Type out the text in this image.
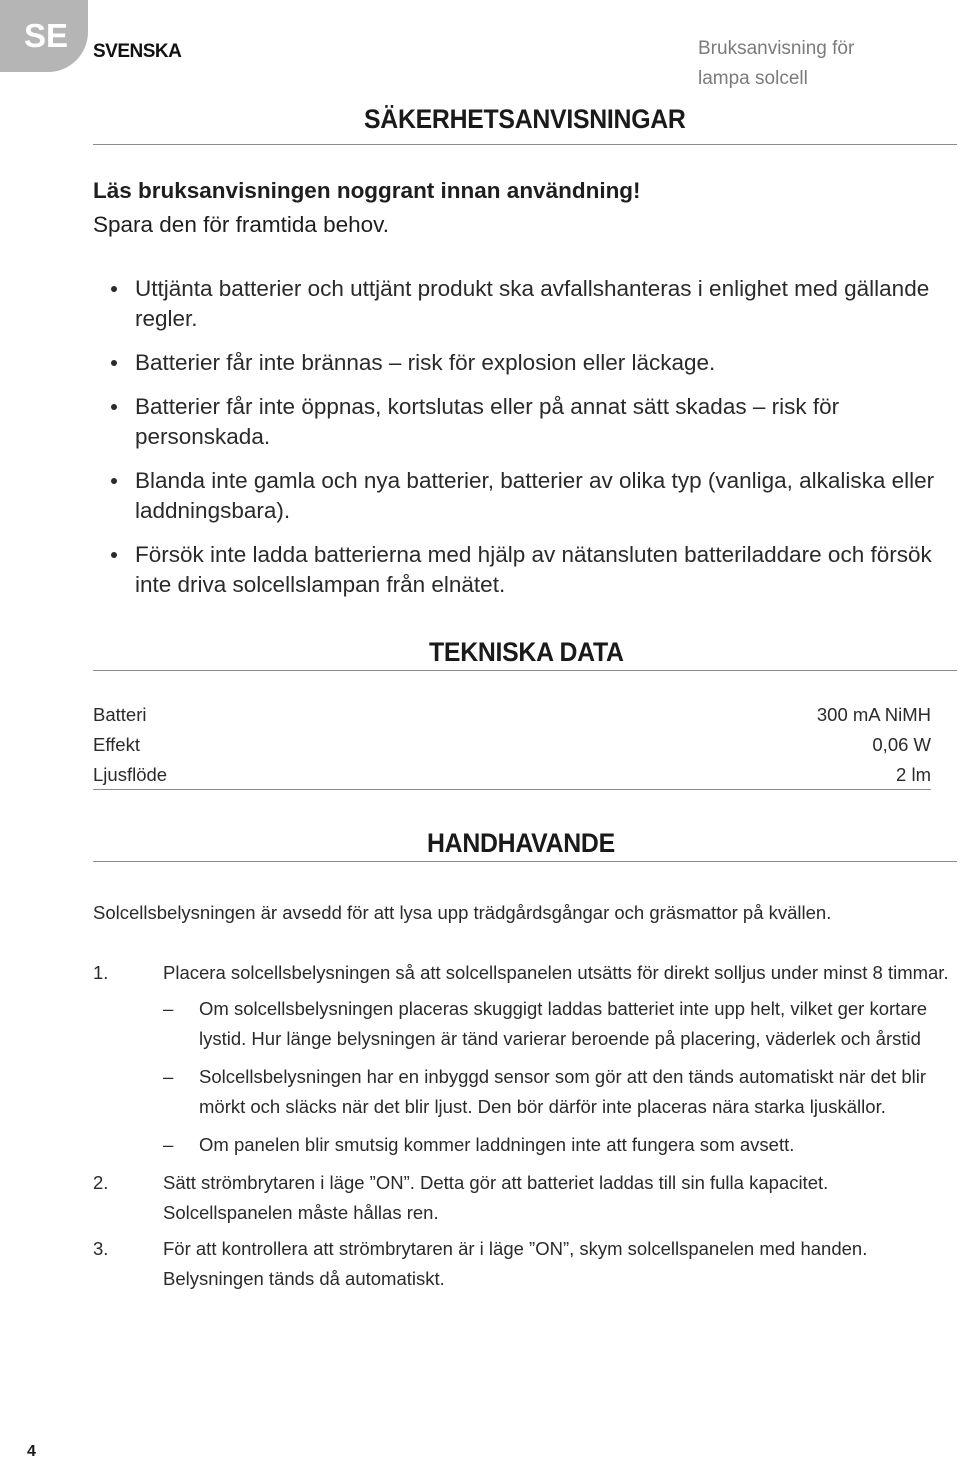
SE	SVENSKA	Bruksanvisning för
lampa solcell
SÄKERHETSANVISNINGAR
Läs bruksanvisningen noggrant innan användning!
Spara den för framtida behov.
Uttjänta batterier och uttjänt produkt ska avfallshanteras i enlighet med gällande regler.
Batterier får inte brännas – risk för explosion eller läckage.
Batterier får inte öppnas, kortslutas eller på annat sätt skadas – risk för personskada.
Blanda inte gamla och nya batterier, batterier av olika typ (vanliga, alkaliska eller laddningsbara).
Försök inte ladda batterierna med hjälp av nätansluten batteriladdare och försök inte driva solcellslampan från elnätet.
TEKNISKA DATA
Batteri	300 mA NiMH
Effekt	0,06 W
Ljusflöde	2 lm
HANDHAVANDE
Solcellsbelysningen är avsedd för att lysa upp trädgårdsgångar och gräsmattor på kvällen.
1.	Placera solcellsbelysningen så att solcellspanelen utsätts för direkt solljus under minst 8 timmar.
– Om solcellsbelysningen placeras skuggigt laddas batteriet inte upp helt, vilket ger kortare lystid. Hur länge belysningen är tänd varierar beroende på placering, väderlek och årstid
– Solcellsbelysningen har en inbyggd sensor som gör att den tänds automatiskt när det blir mörkt och släcks när det blir ljust. Den bör därför inte placeras nära starka ljuskällor.
– Om panelen blir smutsig kommer laddningen inte att fungera som avsett.
2.	Sätt strömbrytaren i läge ”ON”. Detta gör att batteriet laddas till sin fulla kapacitet. Solcellspanelen måste hållas ren.
3.	För att kontrollera att strömbrytaren är i läge ”ON”, skym solcellspanelen med handen. Belysningen tänds då automatiskt.
4
